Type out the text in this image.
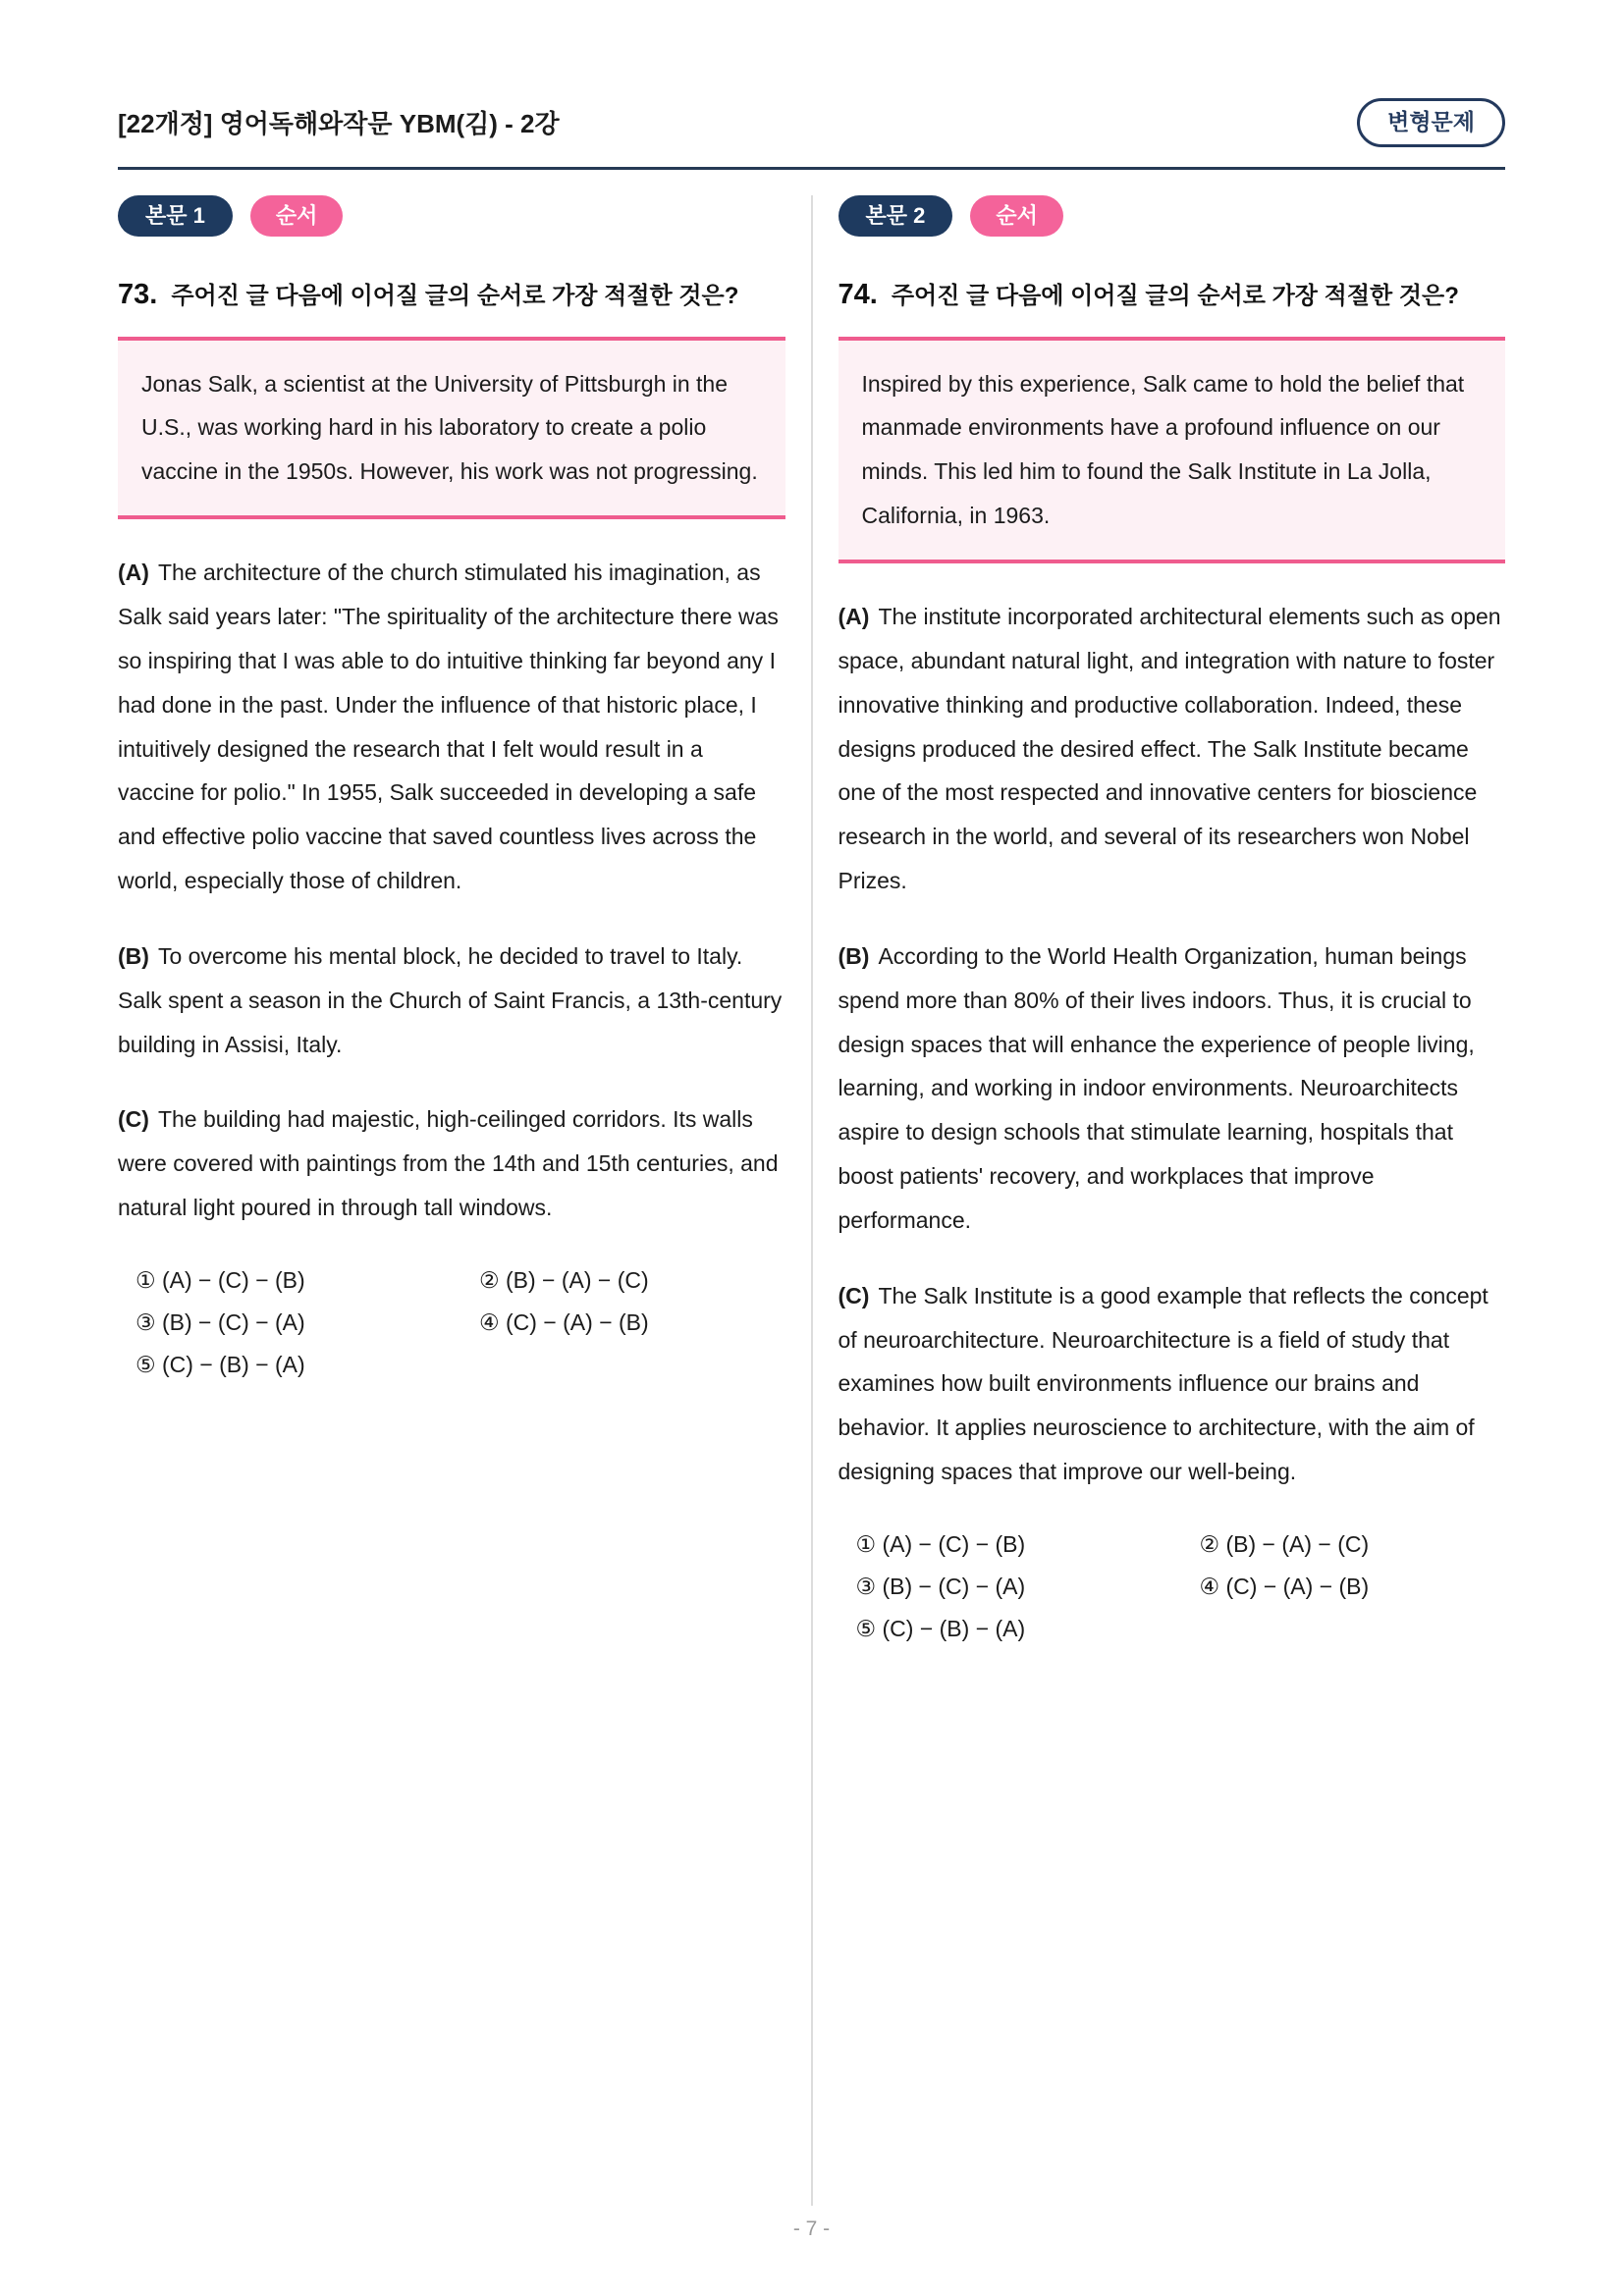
[22개정] 영어독해와작문 YBM(김) - 2강	변형문제
본문 1	순서
73. 주어진 글 다음에 이어질 글의 순서로 가장 적절한 것은?
Jonas Salk, a scientist at the University of Pittsburgh in the U.S., was working hard in his laboratory to create a polio vaccine in the 1950s. However, his work was not progressing.

(A) The architecture of the church stimulated his imagination, as Salk said years later: "The spirituality of the architecture there was so inspiring that I was able to do intuitive thinking far beyond any I had done in the past. Under the influence of that historic place, I intuitively designed the research that I felt would result in a vaccine for polio." In 1955, Salk succeeded in developing a safe and effective polio vaccine that saved countless lives across the world, especially those of children.

(B) To overcome his mental block, he decided to travel to Italy. Salk spent a season in the Church of Saint Francis, a 13th-century building in Assisi, Italy.

(C) The building had majestic, high-ceilinged corridors. Its walls were covered with paintings from the 14th and 15th centuries, and natural light poured in through tall windows.

① (A) − (C) − (B)	② (B) − (A) − (C)
③ (B) − (C) − (A)	④ (C) − (A) − (B)
⑤ (C) − (B) − (A)
본문 2	순서
74. 주어진 글 다음에 이어질 글의 순서로 가장 적절한 것은?
Inspired by this experience, Salk came to hold the belief that manmade environments have a profound influence on our minds. This led him to found the Salk Institute in La Jolla, California, in 1963.

(A) The institute incorporated architectural elements such as open space, abundant natural light, and integration with nature to foster innovative thinking and productive collaboration. Indeed, these designs produced the desired effect. The Salk Institute became one of the most respected and innovative centers for bioscience research in the world, and several of its researchers won Nobel Prizes.

(B) According to the World Health Organization, human beings spend more than 80% of their lives indoors. Thus, it is crucial to design spaces that will enhance the experience of people living, learning, and working in indoor environments. Neuroarchitects aspire to design schools that stimulate learning, hospitals that boost patients' recovery, and workplaces that improve performance.

(C) The Salk Institute is a good example that reflects the concept of neuroarchitecture. Neuroarchitecture is a field of study that examines how built environments influence our brains and behavior. It applies neuroscience to architecture, with the aim of designing spaces that improve our well-being.

① (A) − (C) − (B)	② (B) − (A) − (C)
③ (B) − (C) − (A)	④ (C) − (A) − (B)
⑤ (C) − (B) − (A)
- 7 -
